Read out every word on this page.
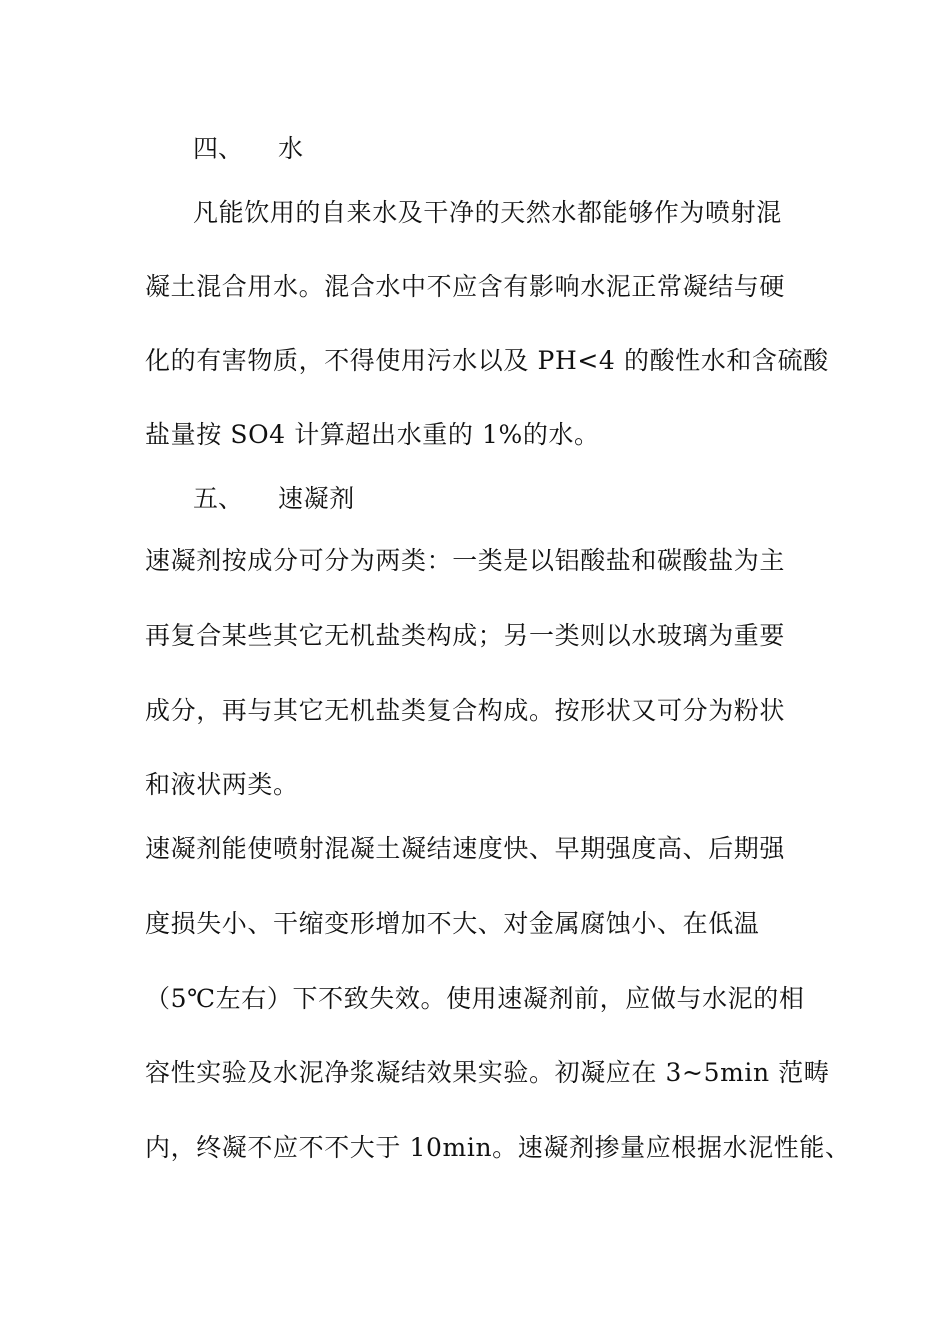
四、 水
凡能饮用的自来水及干净的天然水都能够作为喷射混
凝土混合用水。混合水中不应含有影响水泥正常凝结与硬
化的有害物质，不得使用污水以及 PH<4 的酸性水和含硫酸
盐量按 SO4 计算超出水重的 1%的水。
五、 速凝剂
速凝剂按成分可分为两类：一类是以铝酸盐和碳酸盐为主
再复合某些其它无机盐类构成；另一类则以水玻璃为重要
成分，再与其它无机盐类复合构成。按形状又可分为粉状
和液状两类。
速凝剂能使喷射混凝土凝结速度快、早期强度高、后期强
度损失小、干缩变形增加不大、对金属腐蚀小、在低温
（5℃左右）下不致失效。使用速凝剂前，应做与水泥的相
容性实验及水泥净浆凝结效果实验。初凝应在 3~5min 范畴
内，终凝不应不不大于 10min。速凝剂掺量应根据水泥性能、
